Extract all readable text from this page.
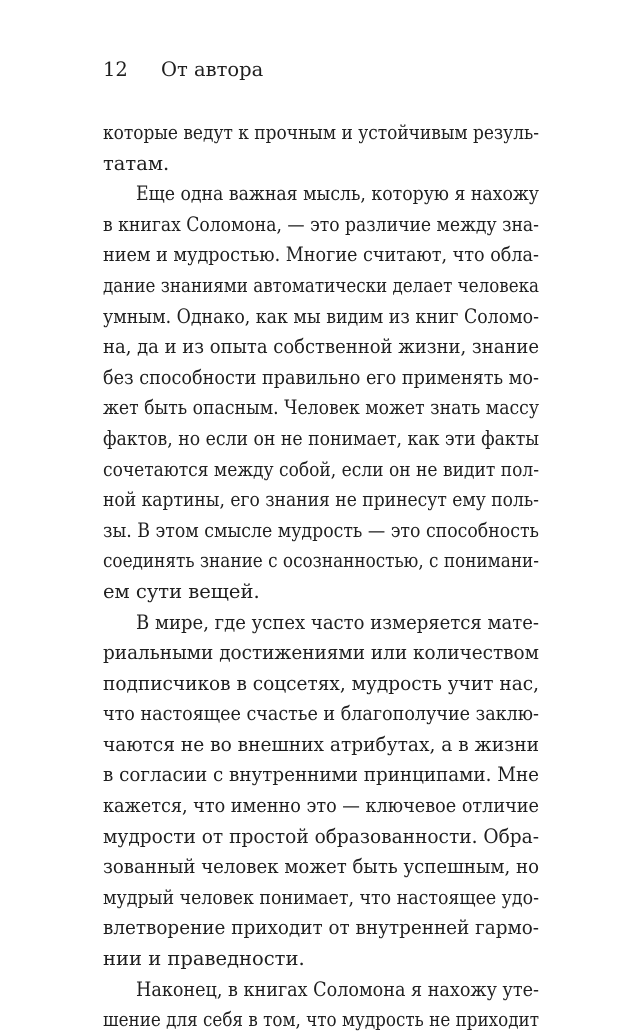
12 От автора
которые ведут к прочным и устойчивым резуль-
татам.
Еще одна важная мысль, которую я нахожу
в книгах Соломона, — это различие между зна-
нием и мудростью. Многие считают, что обла-
дание знаниями автоматически делает человека
умным. Однако, как мы видим из книг Соломо-
на, да и из опыта собственной жизни, знание
без способности правильно его применять мо-
жет быть опасным. Человек может знать массу
фактов, но если он не понимает, как эти факты
сочетаются между собой, если он не видит пол-
ной картины, его знания не принесут ему поль-
зы. В этом смысле мудрость — это способность
соединять знание с осознанностью, с понимани-
ем сути вещей.
В мире, где успех часто измеряется мате-
риальными достижениями или количеством
подписчиков в соцсетях, мудрость учит нас,
что настоящее счастье и благополучие заклю-
чаются не во внешних атрибутах, а в жизни
в согласии с внутренними принципами. Мне
кажется, что именно это — ключевое отличие
мудрости от простой образованности. Обра-
зованный человек может быть успешным, но
мудрый человек понимает, что настоящее удо-
влетворение приходит от внутренней гармо-
нии и праведности.
Наконец, в книгах Соломона я нахожу уте-
шение для себя в том, что мудрость не приходит
